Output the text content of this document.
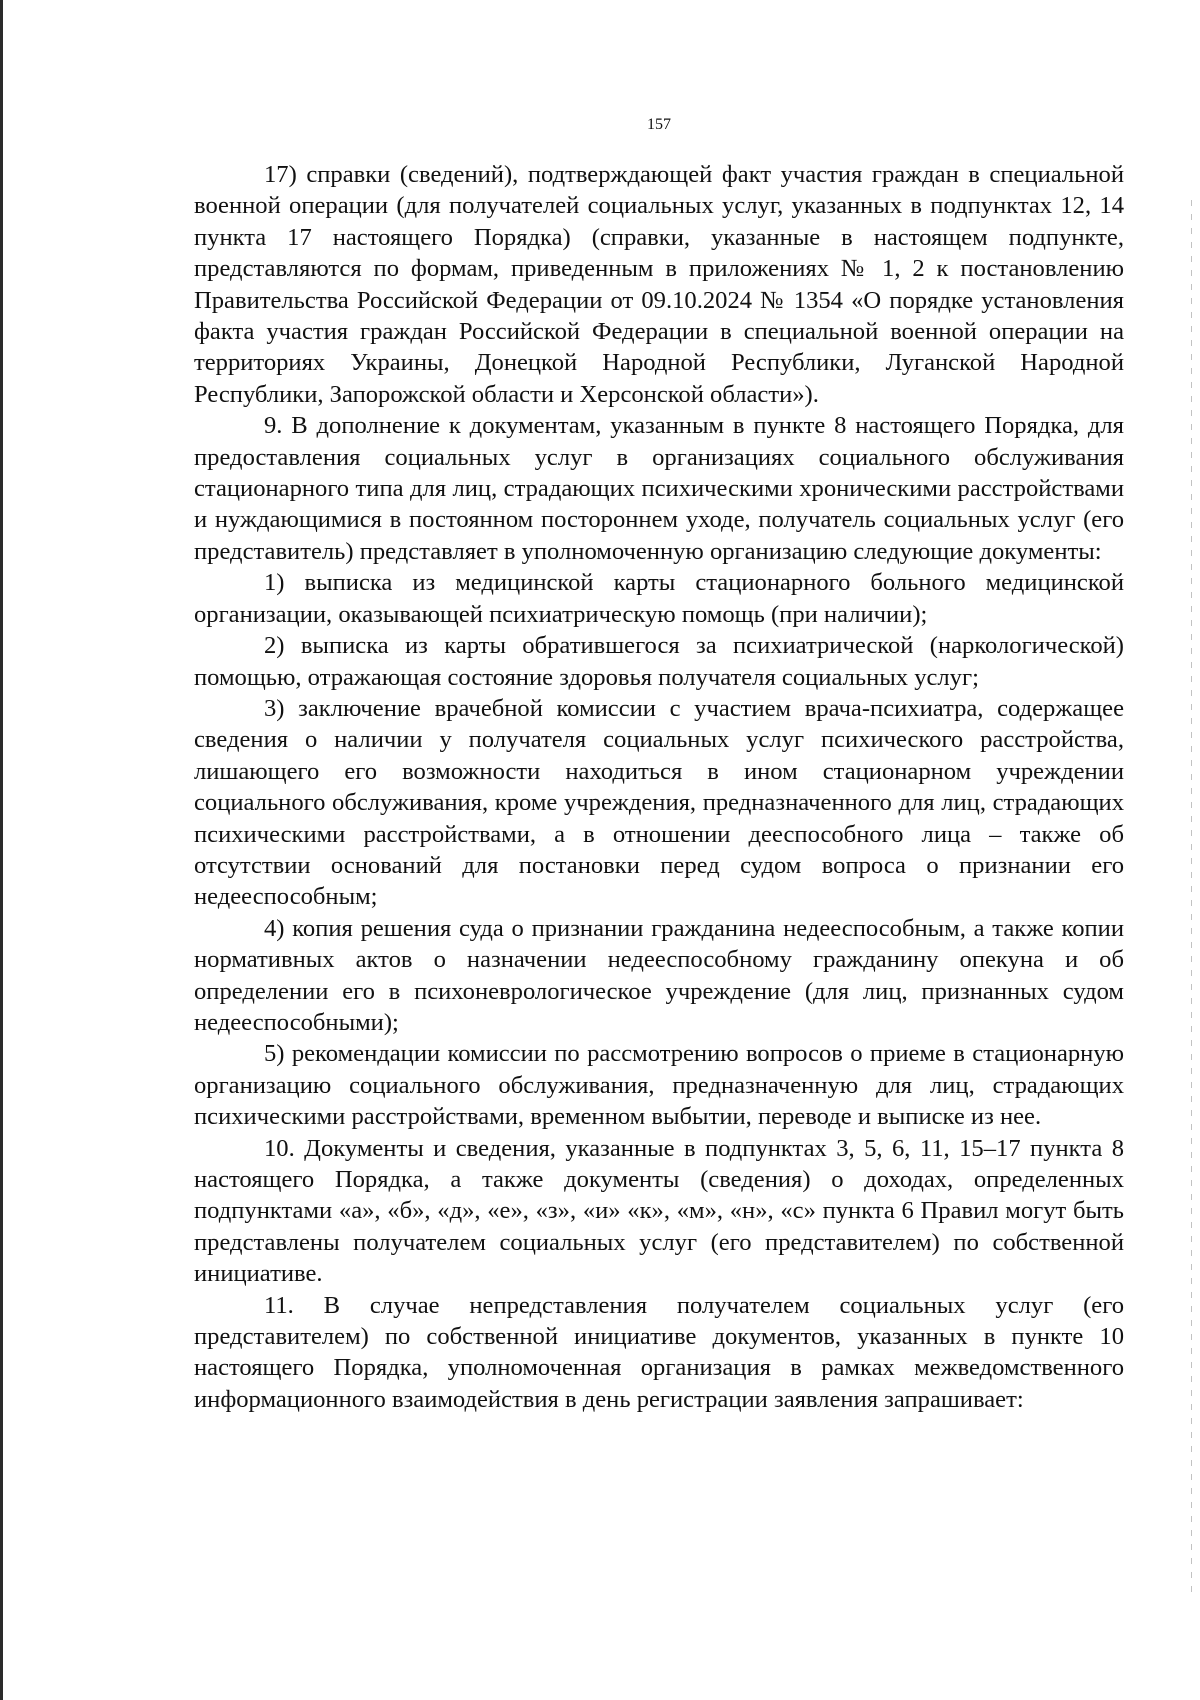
157

17) справки (сведений), подтверждающей факт участия граждан в специальной военной операции (для получателей социальных услуг, указанных в подпунктах 12, 14 пункта 17 настоящего Порядка) (справки, указанные в настоящем подпункте, представляются по формам, приведенным в приложениях № 1, 2 к постановлению Правительства Российской Федерации от 09.10.2024 № 1354 «О порядке установления факта участия граждан Российской Федерации в специальной военной операции на территориях Украины, Донецкой Народной Республики, Луганской Народной Республики, Запорожской области и Херсонской области»).

9. В дополнение к документам, указанным в пункте 8 настоящего Порядка, для предоставления социальных услуг в организациях социального обслуживания стационарного типа для лиц, страдающих психическими хроническими расстройствами и нуждающимися в постоянном постороннем уходе, получатель социальных услуг (его представитель) представляет в уполномоченную организацию следующие документы:

1) выписка из медицинской карты стационарного больного медицинской организации, оказывающей психиатрическую помощь (при наличии);

2) выписка из карты обратившегося за психиатрической (наркологической) помощью, отражающая состояние здоровья получателя социальных услуг;

3) заключение врачебной комиссии с участием врача-психиатра, содержащее сведения о наличии у получателя социальных услуг психического расстройства, лишающего его возможности находиться в ином стационарном учреждении социального обслуживания, кроме учреждения, предназначенного для лиц, страдающих психическими расстройствами, а в отношении дееспособного лица – также об отсутствии оснований для постановки перед судом вопроса о признании его недееспособным;

4) копия решения суда о признании гражданина недееспособным, а также копии нормативных актов о назначении недееспособному гражданину опекуна и об определении его в психоневрологическое учреждение (для лиц, признанных судом недееспособными);

5) рекомендации комиссии по рассмотрению вопросов о приеме в стационарную организацию социального обслуживания, предназначенную для лиц, страдающих психическими расстройствами, временном выбытии, переводе и выписке из нее.

10. Документы и сведения, указанные в подпунктах 3, 5, 6, 11, 15–17 пункта 8 настоящего Порядка, а также документы (сведения) о доходах, определенных подпунктами «а», «б», «д», «е», «з», «и» «к», «м», «н», «с» пункта 6 Правил могут быть представлены получателем социальных услуг (его представителем) по собственной инициативе.

11. В случае непредставления получателем социальных услуг (его представителем) по собственной инициативе документов, указанных в пункте 10 настоящего Порядка, уполномоченная организация в рамках межведомственного информационного взаимодействия в день регистрации заявления запрашивает:
